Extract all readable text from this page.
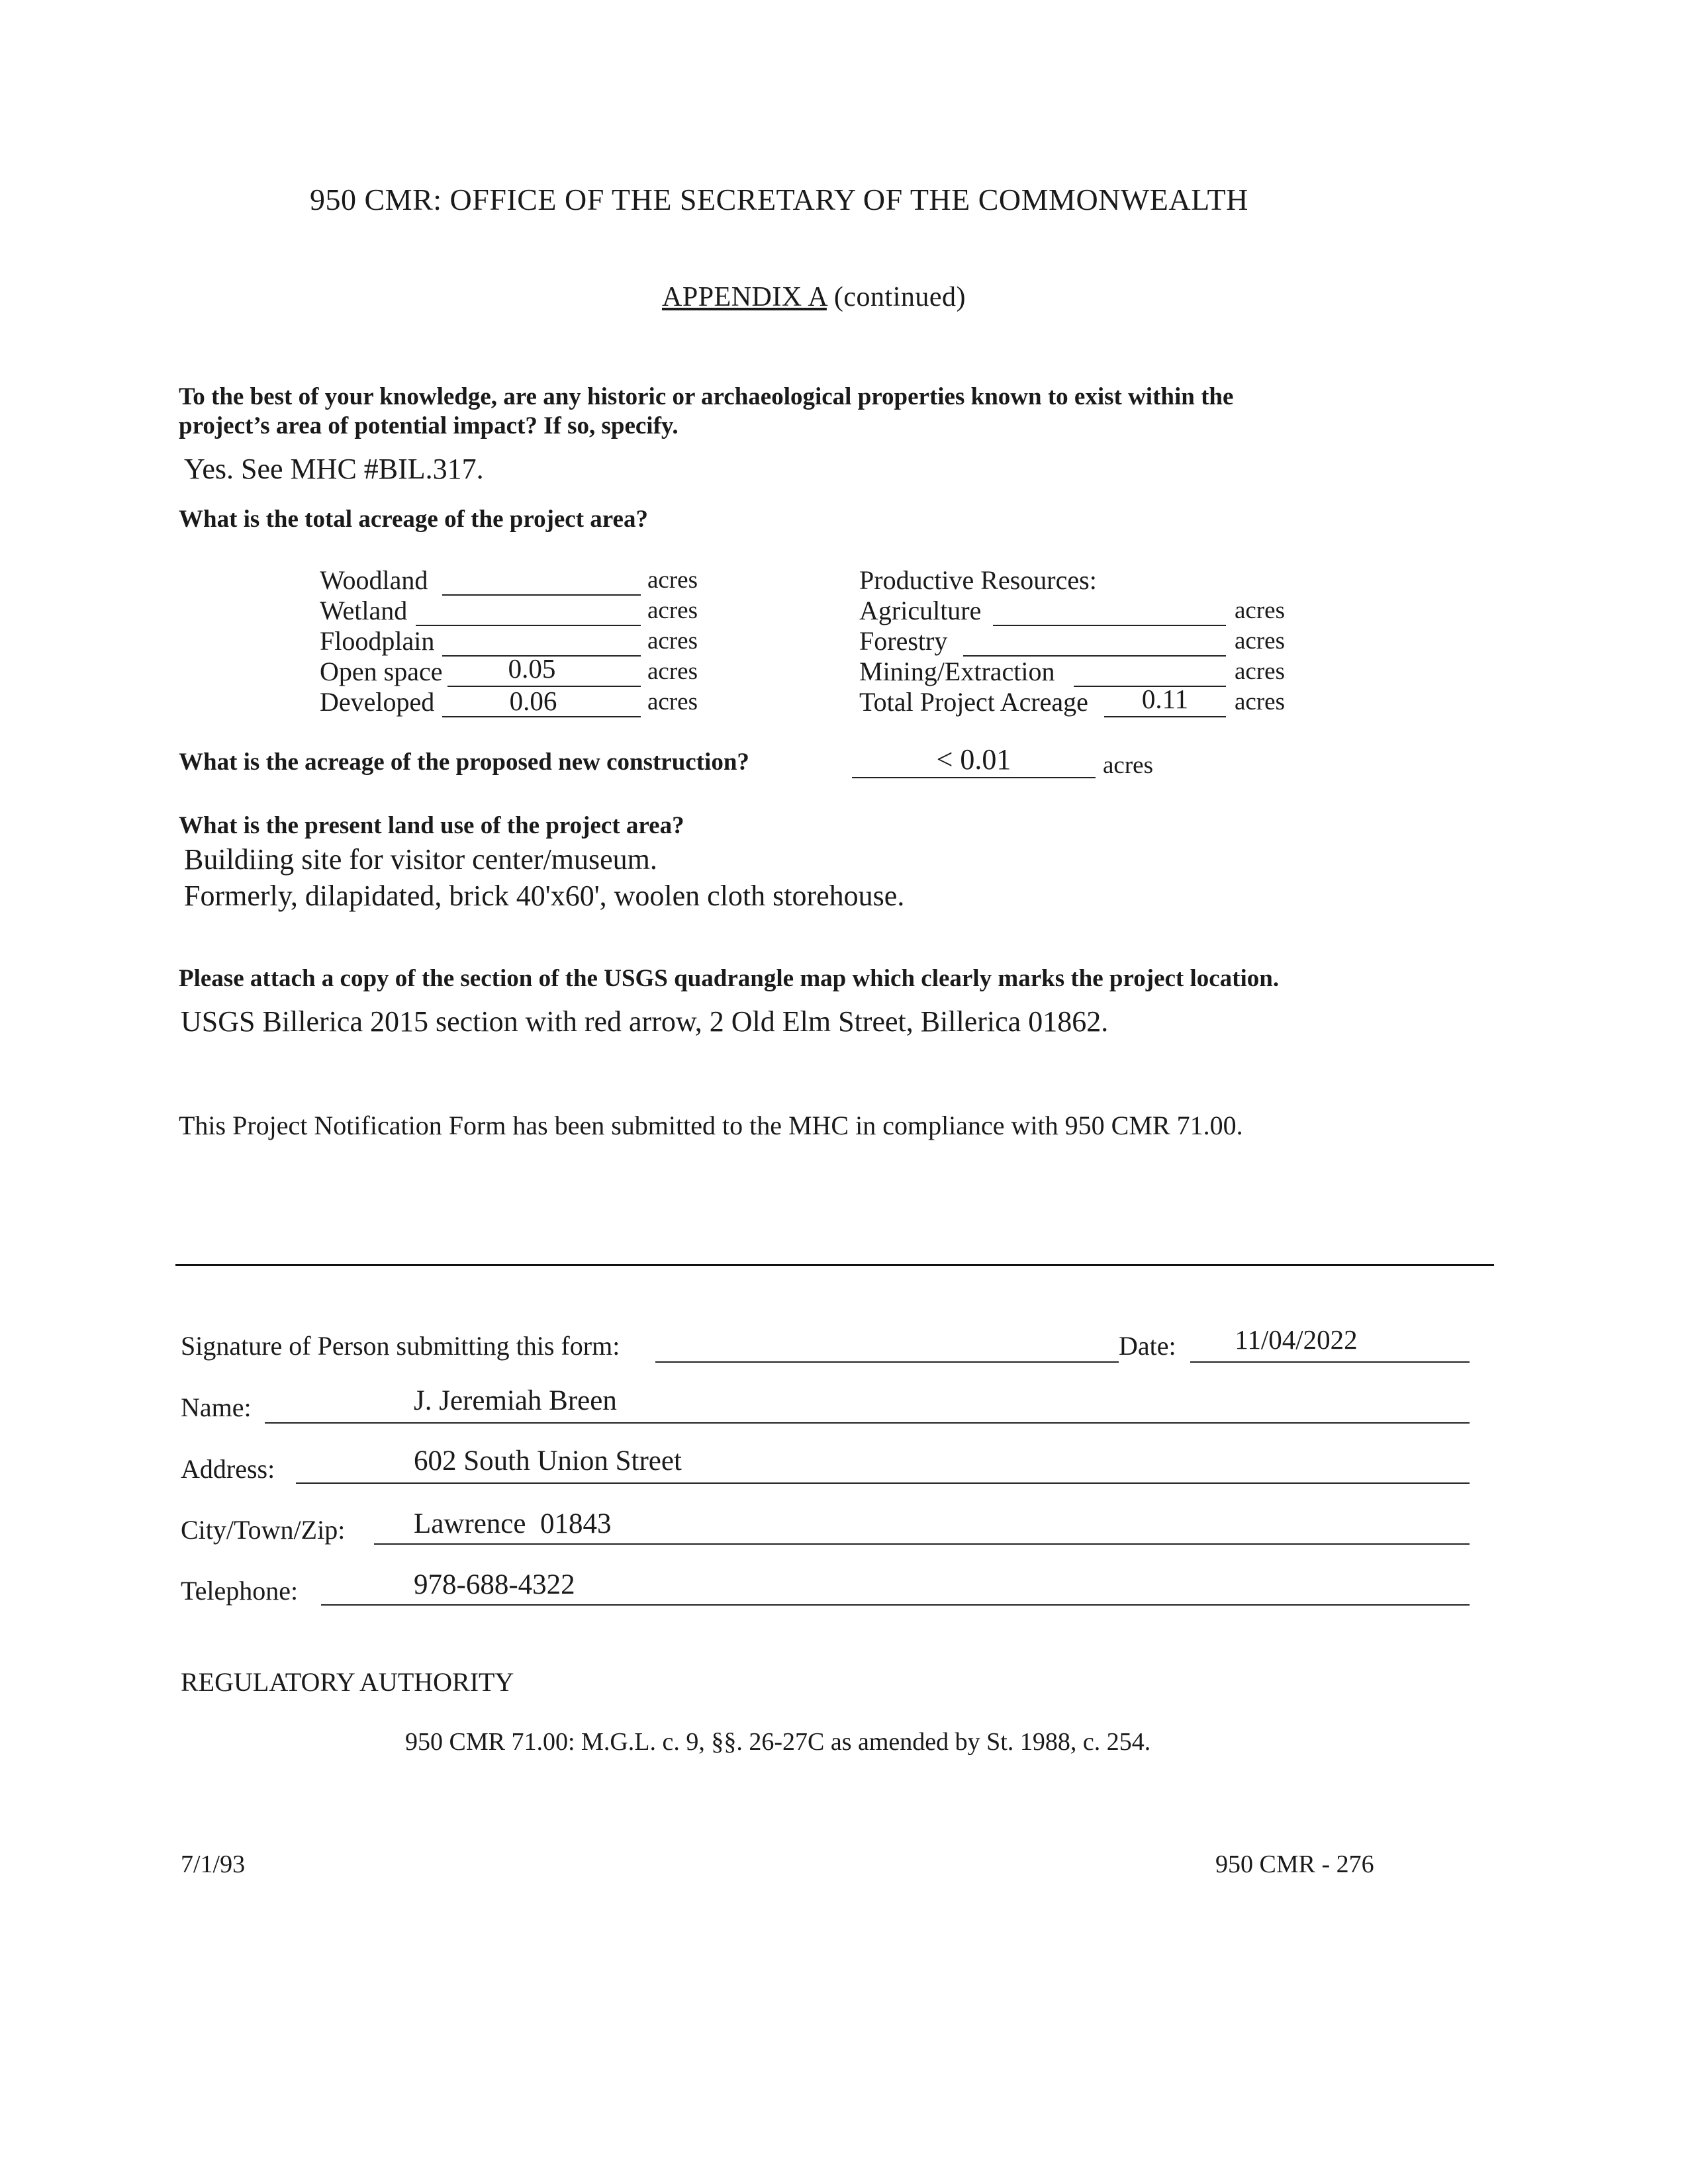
950 CMR: OFFICE OF THE SECRETARY OF THE COMMONWEALTH
APPENDIX A (continued)
To the best of your knowledge, are any historic or archaeological properties known to exist within the
project’s area of potential impact? If so, specify.
Yes. See MHC #BIL.317.
What is the total acreage of the project area?
Woodland	acres
Wetland	acres
Floodplain	acres
Open space	0.05	acres
Developed	0.06	acres
Productive Resources:
Agriculture	acres
Forestry	acres
Mining/Extraction	acres
Total Project Acreage	0.11	acres
What is the acreage of the proposed new construction?	< 0.01	acres
What is the present land use of the project area?
Buildiing site for visitor center/museum.
Formerly, dilapidated, brick 40'x60', woolen cloth storehouse.
Please attach a copy of the section of the USGS quadrangle map which clearly marks the project location.
USGS Billerica 2015 section with red arrow, 2 Old Elm Street, Billerica 01862.
This Project Notification Form has been submitted to the MHC in compliance with 950 CMR 71.00.
Signature of Person submitting this form:	Date:	11/04/2022
Name:	J. Jeremiah Breen
Address:	602 South Union Street
City/Town/Zip: Lawrence  01843
Telephone:	978-688-4322
REGULATORY AUTHORITY
950 CMR 71.00: M.G.L. c. 9, §§. 26-27C as amended by St. 1988, c. 254.
7/1/93	950 CMR - 276
